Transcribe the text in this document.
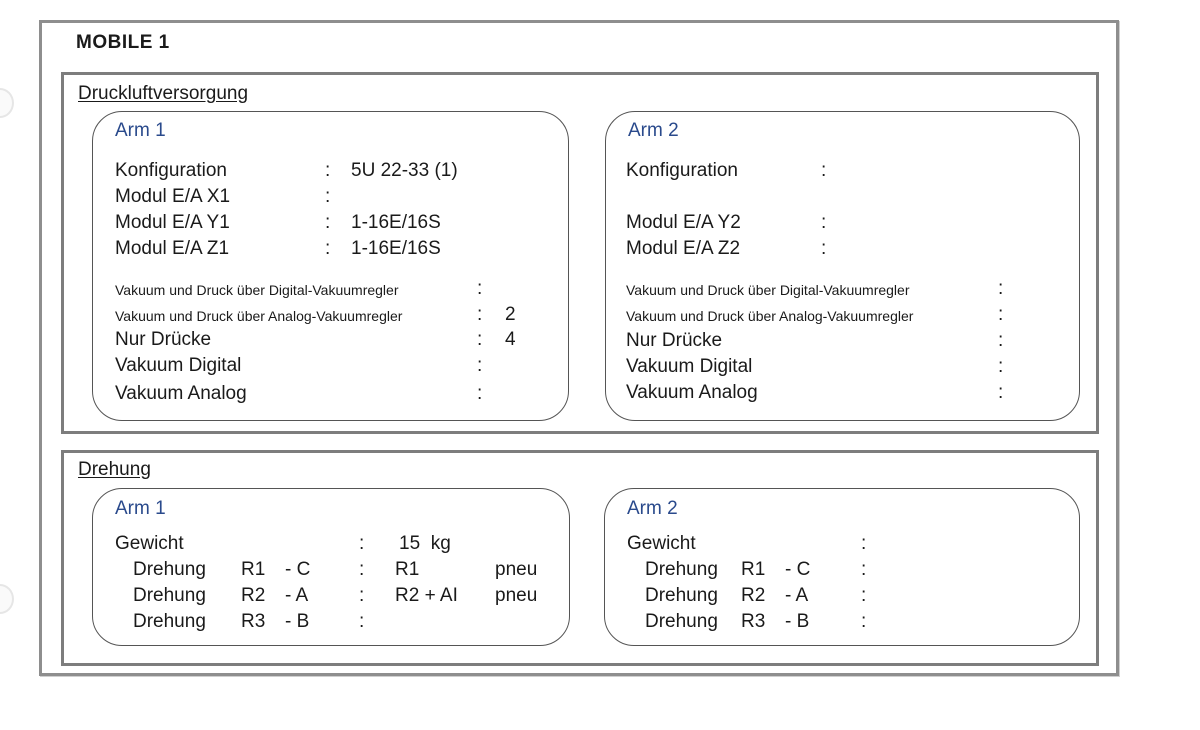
MOBILE 1
Druckluftversorgung
Arm 1
Konfiguration	: 5U 22-33 (1)
Modul E/A X1	:
Modul E/A Y1	: 1-16E/16S
Modul E/A Z1	: 1-16E/16S
Vakuum und Druck über Digital-Vakuumregler	:
Vakuum und Druck über Analog-Vakuumregler	: 2
Nur Drücke	: 4
Vakuum Digital	:
Vakuum Analog	:
Arm 2
Konfiguration	:
Modul E/A Y2	:
Modul E/A Z2	:
Vakuum und Druck über Digital-Vakuumregler	:
Vakuum und Druck über Analog-Vakuumregler	:
Nur Drücke	:
Vakuum Digital	:
Vakuum Analog	:
Drehung
Arm 1
Gewicht	: 15  kg
Drehung R1 - C	: R1	pneu
Drehung R2 - A	: R2 + AI pneu
Drehung R3 - B	:
Arm 2
Gewicht	:
Drehung R1 - C	:
Drehung R2 - A	:
Drehung R3 - B	:
